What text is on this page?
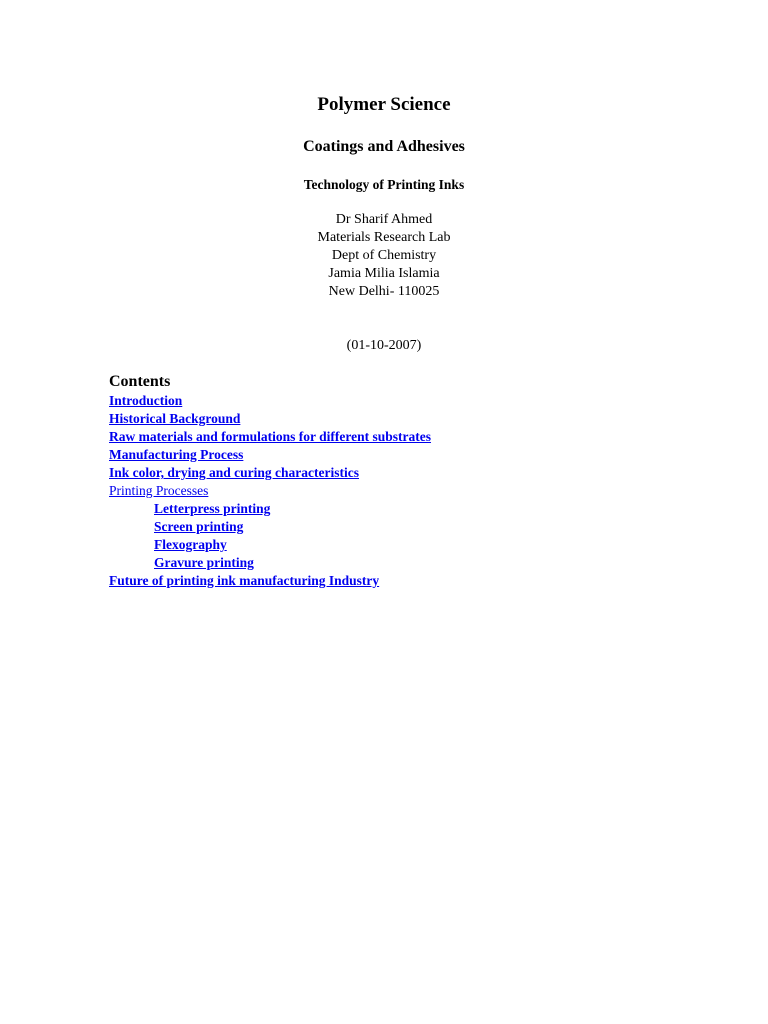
Polymer Science
Coatings and Adhesives
Technology of Printing Inks
Dr Sharif Ahmed
Materials Research Lab
Dept of Chemistry
Jamia Milia Islamia
New Delhi- 110025
(01-10-2007)
Contents
Introduction
Historical Background
Raw materials and formulations for different substrates
Manufacturing Process
Ink color, drying and curing characteristics
Printing Processes
Letterpress printing
Screen printing
Flexography
Gravure printing
Future of printing ink manufacturing Industry
